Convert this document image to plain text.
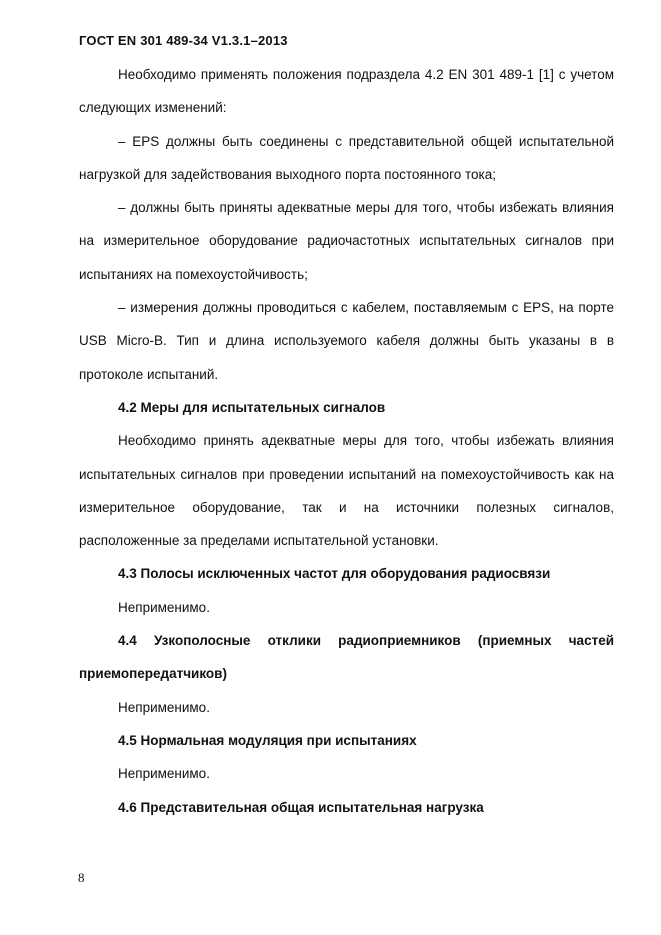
ГОСТ EN 301 489-34 V1.3.1–2013

Необходимо применять положения подраздела 4.2 EN 301 489-1 [1] с учетом следующих изменений:

– EPS должны быть соединены с представительной общей испытательной нагрузкой для задействования выходного порта постоянного тока;

– должны быть приняты адекватные меры для того, чтобы избежать влияния на измерительное оборудование радиочастотных испытательных сигналов при испытаниях на помехоустойчивость;

– измерения должны проводиться с кабелем, поставляемым с EPS, на порте USB Micro-B. Тип и длина используемого кабеля должны быть указаны в в протоколе испытаний.

4.2 Меры для испытательных сигналов

Необходимо принять адекватные меры для того, чтобы избежать влияния испытательных сигналов при проведении испытаний на помехоустойчивость как на измерительное оборудование, так и на источники полезных сигналов, расположенные за пределами испытательной установки.

4.3 Полосы исключенных частот для оборудования радиосвязи

Неприменимо.

4.4 Узкополосные отклики радиоприемников (приемных частей приемопередатчиков)

Неприменимо.

4.5 Нормальная модуляция при испытаниях

Неприменимо.

4.6 Представительная общая испытательная нагрузка

8
